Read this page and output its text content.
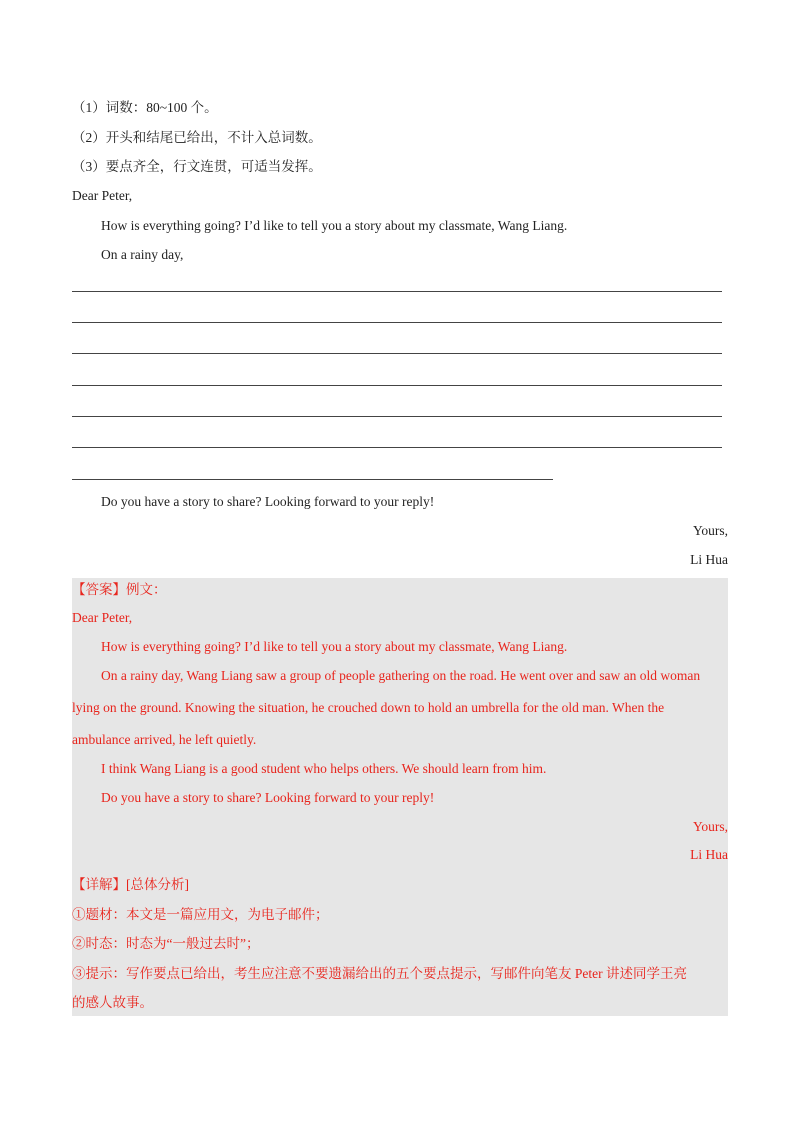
（1）词数：80~100 个。
（2）开头和结尾已给出，不计入总词数。
（3）要点齐全，行文连贯，可适当发挥。
Dear Peter,
How is everything going? I’d like to tell you a story about my classmate, Wang Liang.
On a rainy day,
Do you have a story to share? Looking forward to your reply!
Yours,
Li Hua
【答案】例文：
Dear Peter,
How is everything going? I’d like to tell you a story about my classmate, Wang Liang.
On a rainy day, Wang Liang saw a group of people gathering on the road. He went over and saw an old woman
lying on the ground. Knowing the situation, he crouched down to hold an umbrella for the old man. When the
ambulance arrived, he left quietly.
I think Wang Liang is a good student who helps others. We should learn from him.
Do you have a story to share? Looking forward to your reply!
Yours,
Li Hua
【详解】[总体分析]
①题材：本文是一篇应用文，为电子邮件；
②时态：时态为“一般过去时”；
③提示：写作要点已给出，考生应注意不要遗漏给出的五个要点提示，写邮件向笔友 Peter 讲述同学王亮
的感人故事。
